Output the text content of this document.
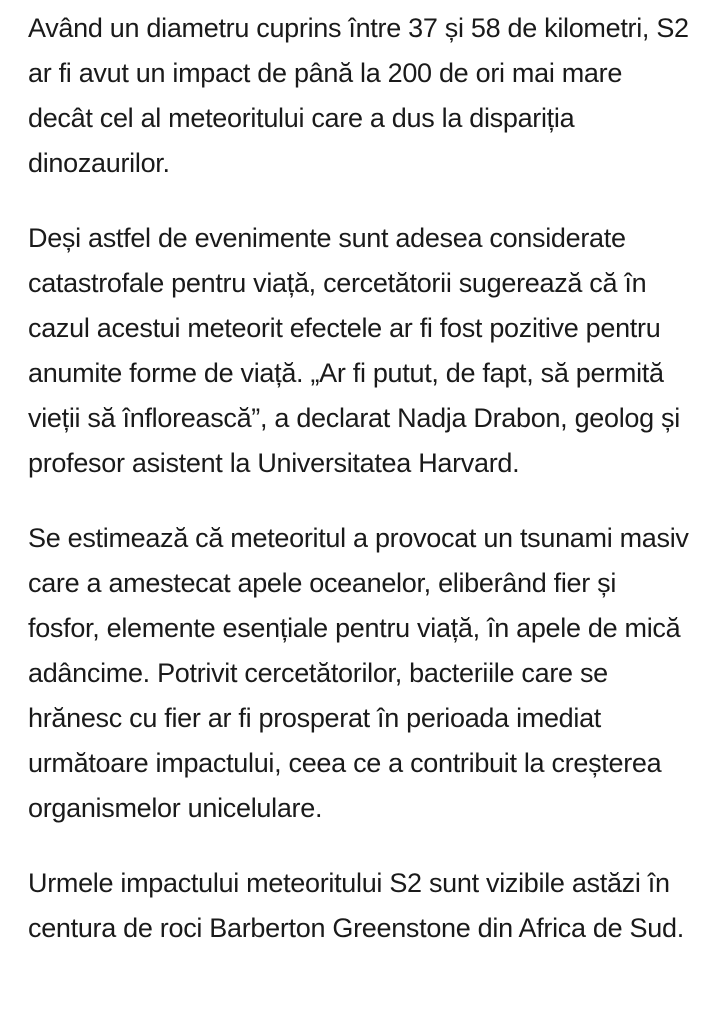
Având un diametru cuprins între 37 și 58 de kilometri, S2 ar fi avut un impact de până la 200 de ori mai mare decât cel al meteoritului care a dus la dispariția dinozaurilor.

Deși astfel de evenimente sunt adesea considerate catastrofale pentru viață, cercetătorii sugerează că în cazul acestui meteorit efectele ar fi fost pozitive pentru anumite forme de viață. „Ar fi putut, de fapt, să permită vieții să înflorească”, a declarat Nadja Drabon, geolog și profesor asistent la Universitatea Harvard.

Se estimează că meteoritul a provocat un tsunami masiv care a amestecat apele oceanelor, eliberând fier și fosfor, elemente esențiale pentru viață, în apele de mică adâncime. Potrivit cercetătorilor, bacteriile care se hrănesc cu fier ar fi prosperat în perioada imediat următoare impactului, ceea ce a contribuit la creșterea organismelor unicelulare.

Urmele impactului meteoritului S2 sunt vizibile astăzi în centura de roci Barberton Greenstone din Africa de Sud.
